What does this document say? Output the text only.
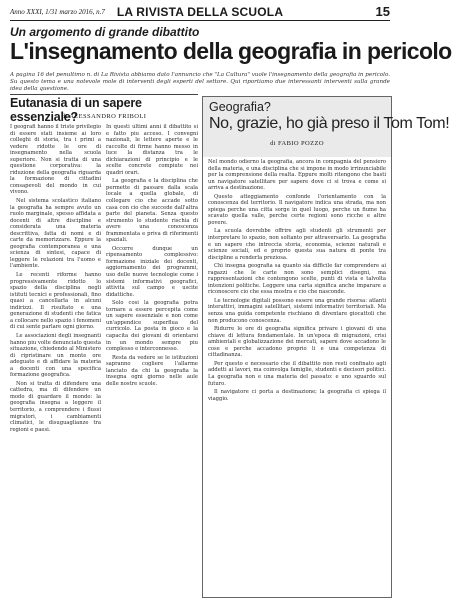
Anno XXXI, 1/31 marzo 2016, n.7 LA RIVISTA DELLA SCUOLA	15
Un argomento di grande dibattito
L'insegnamento della geografia in pericolo
A pagina 16 del penultimo n. di La Rivista abbiamo dato l'annuncio che "La Cultura" vuole l'insegnamento della geografia in pericolo. Su questo tema e una notevole mole di interventi degli esperti del settore. Qui riportiamo due interessanti interventi sulla grande idea della questione.
Eutanasia di un sapere essenziale?
di ALESSANDRO FRIBOLI

I geografi hanno il triste privilegio di essere stati insieme ai loro colleghi di storia, tra i primi a vedere ridotte le ore di insegnamento nella scuola superiore. Non si tratta di una questione corporativa: la riduzione della geografia riguarda la formazione di cittadini consapevoli del mondo in cui vivono.

Nel sistema scolastico italiano la geografia ha sempre avuto un ruolo marginale, spesso affidata a docenti di altre discipline e considerata una materia descrittiva, fatta di nomi e di carte da memorizzare. Eppure la geografia contemporanea e una scienza di sintesi, capace di leggere le relazioni tra l'uomo e l'ambiente.

Le recenti riforme hanno progressivamente ridotto lo spazio della disciplina negli istituti tecnici e professionali, fino quasi a cancellarla in alcuni indirizzi. Il risultato e una generazione di studenti che fatica a collocare nello spazio i fenomeni di cui sente parlare ogni giorno.

Le associazioni degli insegnanti hanno piu volte denunciato questa situazione, chiedendo al Ministero di ripristinare un monte ore adeguato e di affidare la materia a docenti con una specifica formazione geografica.

Non si tratta di difendere una cattedra, ma di difendere un modo di guardare il mondo: la geografia insegna a leggere il territorio, a comprendere i flussi migratori, i cambiamenti climatici, le disuguaglianze tra regioni e paesi.

In questi ultimi anni il dibattito si e fatto piu acceso. I convegni nazionali, le lettere aperte e le raccolte di firme hanno messo in luce la distanza tra le dichiarazioni di principio e le scelte concrete compiute nei quadri orari.

La geografia e la disciplina che permette di passare dalla scala locale a quella globale, di collegare cio che accade sotto casa con cio che succede dall'altra parte del pianeta. Senza questo strumento lo studente rischia di avere una conoscenza frammentata e priva di riferimenti spaziali.

Occorre dunque un ripensamento complessivo: formazione iniziale dei docenti, aggiornamento dei programmi, uso delle nuove tecnologie come i sistemi informativi geografici, attivita sul campo e uscite didattiche.

Solo cosi la geografia potra tornare a essere percepita come un sapere essenziale e non come un'appendice superflua del curricolo. La posta in gioco e la capacita dei giovani di orientarsi in un mondo sempre piu complesso e interconnesso.

Resta da vedere se le istituzioni sapranno cogliere l'allarme lanciato da chi la geografia la insegna ogni giorno nelle aule delle nostre scuole.

Geografia?
No, grazie, ho già preso il Tom Tom!
di FABIO POZZO

Nel mondo odierno la geografia, ancora in compagnia del pensiero della materia, e una disciplina che si impone in modo irrinunciabile per la comprensione della realta. Eppure molti ritengono che basti un navigatore satellitare per sapere dove ci si trova e come si arriva a destinazione.

Questo atteggiamento confonde l'orientamento con la conoscenza del territorio. Il navigatore indica una strada, ma non spiega perche una citta sorge in quel luogo, perche un fiume ha scavato quella valle, perche certe regioni sono ricche e altre povere.

La scuola dovrebbe offrire agli studenti gli strumenti per interpretare lo spazio, non soltanto per attraversarlo. La geografia e un sapere che intreccia storia, economia, scienze naturali e scienze sociali, ed e proprio questa sua natura di ponte tra discipline a renderla preziosa.

Chi insegna geografia sa quanto sia difficile far comprendere ai ragazzi che le carte non sono semplici disegni, ma rappresentazioni che contengono scelte, punti di vista e talvolta intenzioni politiche. Leggere una carta significa anche imparare a riconoscere cio che essa mostra e cio che nasconde.

Le tecnologie digitali possono essere una grande risorsa: atlanti interattivi, immagini satellitari, sistemi informativi territoriali. Ma senza una guida competente rischiano di diventare giocattoli che non producono conoscenza.

Ridurre le ore di geografia significa privare i giovani di una chiave di lettura fondamentale. In un'epoca di migrazioni, crisi ambientali e globalizzazione dei mercati, sapere dove accadono le cose e perche accadono proprio li e una competenza di cittadinanza.

Per questo e necessario che il dibattito non resti confinato agli addetti ai lavori, ma coinvolga famiglie, studenti e decisori politici. La geografia non e una materia del passato: e uno sguardo sul futuro.

Il navigatore ci porta a destinazione; la geografia ci spiega il viaggio.
